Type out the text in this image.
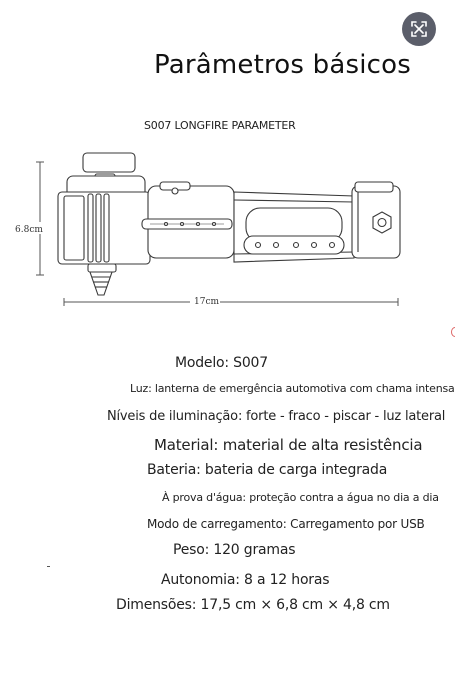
Parâmetros básicos
S007 LONGFIRE PARAMETER
6.8cm
17cm
Modelo: S007
Luz: lanterna de emergência automotiva com chama intensa
Níveis de iluminação: forte - fraco - piscar - luz lateral
Material: material de alta resistência
Bateria: bateria de carga integrada
À prova d'água: proteção contra a água no dia a dia
Modo de carregamento: Carregamento por USB
Peso: 120 gramas
Autonomia: 8 a 12 horas
Dimensões: 17,5 cm × 6,8 cm × 4,8 cm
